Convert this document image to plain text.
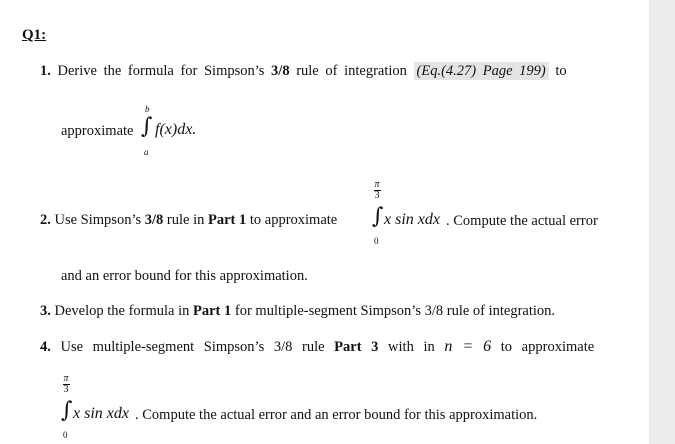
Q1:
1. Derive the formula for Simpson’s 3/8 rule of integration (Eq.(4.27) Page 199) to
approximate
b
∫
a
f(x)dx.
2. Use Simpson’s 3/8 rule in Part 1 to approximate
π
3
∫
0
x sin xdx . Compute the actual error
and an error bound for this approximation.
3. Develop the formula in Part 1 for multiple-segment Simpson’s 3/8 rule of integration.
4. Use multiple-segment Simpson’s 3/8 rule Part 3 with in n = 6 to approximate
π
3
∫
0
x sin xdx . Compute the actual error and an error bound for this approximation.
